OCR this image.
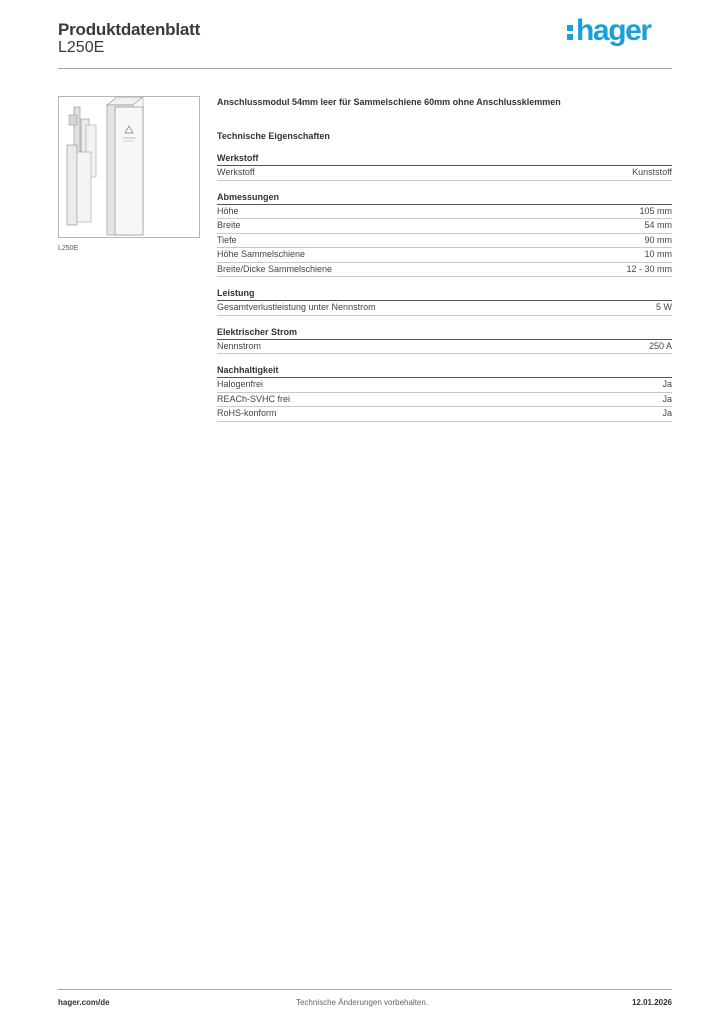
Produktdatenblatt
L250E
hager
L250E
Anschlussmodul 54mm leer für Sammelschiene 60mm ohne Anschlussklemmen
Technische Eigenschaften
Werkstoff
Werkstoff	Kunststoff
Abmessungen
Höhe	105 mm
Breite	54 mm
Tiefe	90 mm
Höhe Sammelschiene	10 mm
Breite/Dicke Sammelschiene	12 - 30 mm
Leistung
Gesamtverlustleistung unter Nennstrom	5 W
Elektrischer Strom
Nennstrom	250 A
Nachhaltigkeit
Halogenfrei	Ja
REACh-SVHC frei	Ja
RoHS-konform	Ja
hager.com/de	Technische Änderungen vorbehalten.	12.01.2026
